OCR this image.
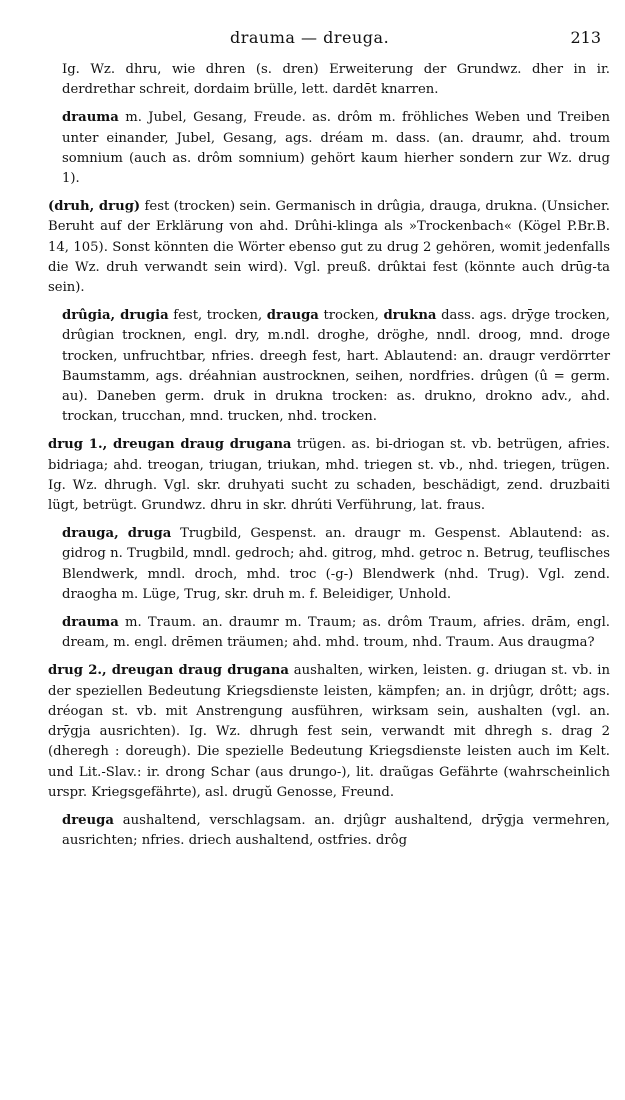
drauma — dreuga.	213

Ig. Wz. dhru, wie dhren (s. dren) Erweiterung der Grundwz. dher in ir. derdrethar schreit, dordaim brülle, lett. dardēt knarren.

drauma m. Jubel, Gesang, Freude. as. drôm m. fröhliches Weben und Treiben unter einander, Jubel, Gesang, ags. dréam m. dass. (an. draumr, ahd. troum somnium (auch as. drôm somnium) gehört kaum hierher sondern zur Wz. drug 1).

(druh, drug) fest (trocken) sein. Germanisch in drûgia, drauga, drukna. (Unsicher. Beruht auf der Erklärung von ahd. Drûhi-klinga als »Trockenbach« (Kögel P.Br.B. 14, 105). Sonst könnten die Wörter ebenso gut zu drug 2 gehören, womit jedenfalls die Wz. druh verwandt sein wird). Vgl. preuß. drûktai fest (könnte auch drūg-ta sein).

drûgia, drugia fest, trocken, drauga trocken, drukna dass. ags. drȳge trocken, drûgian trocknen, engl. dry, m.ndl. droghe, dröghe, nndl. droog, mnd. droge trocken, unfruchtbar, nfries. dreegh fest, hart. Ablautend: an. draugr verdörrter Baumstamm, ags. dréahnian austrocknen, seihen, nordfries. drûgen (û = germ. au). Daneben germ. druk in drukna trocken: as. drukno, drokno adv., ahd. trockan, trucchan, mnd. trucken, nhd. trocken.

drug 1., dreugan draug drugana trügen. as. bi-driogan st. vb. betrügen, afries. bidriaga; ahd. treogan, triugan, triukan, mhd. triegen st. vb., nhd. triegen, trügen. Ig. Wz. dhrugh. Vgl. skr. druhyati sucht zu schaden, beschädigt, zend. druzbaiti lügt, betrügt. Grundwz. dhru in skr. dhrúti Verführung, lat. fraus.

drauga, druga Trugbild, Gespenst. an. draugr m. Gespenst. Ablautend: as. gidrog n. Trugbild, mndl. gedroch; ahd. gitrog, mhd. getroc n. Betrug, teuflisches Blendwerk, mndl. droch, mhd. troc (-g-) Blendwerk (nhd. Trug). Vgl. zend. draogha m. Lüge, Trug, skr. druh m. f. Beleidiger, Unhold.

drauma m. Traum. an. draumr m. Traum; as. drôm Traum, afries. drām, engl. dream, m. engl. drēmen träumen; ahd. mhd. troum, nhd. Traum. Aus draugma?

drug 2., dreugan draug drugana aushalten, wirken, leisten. g. driugan st. vb. in der speziellen Bedeutung Kriegsdienste leisten, kämpfen; an. in drjûgr, drôtt; ags. dréogan st. vb. mit Anstrengung ausführen, wirksam sein, aushalten (vgl. an. drȳgja ausrichten). Ig. Wz. dhrugh fest sein, verwandt mit dhregh s. drag 2 (dheregh : doreugh). Die spezielle Bedeutung Kriegsdienste leisten auch im Kelt. und Lit.-Slav.: ir. drong Schar (aus drungo-), lit. draũgas Gefährte (wahrscheinlich urspr. Kriegsgefährte), asl. drugŭ Genosse, Freund.

dreuga aushaltend, verschlagsam. an. drjûgr aushaltend, drȳgja vermehren, ausrichten; nfries. driech aushaltend, ostfries. drôg
